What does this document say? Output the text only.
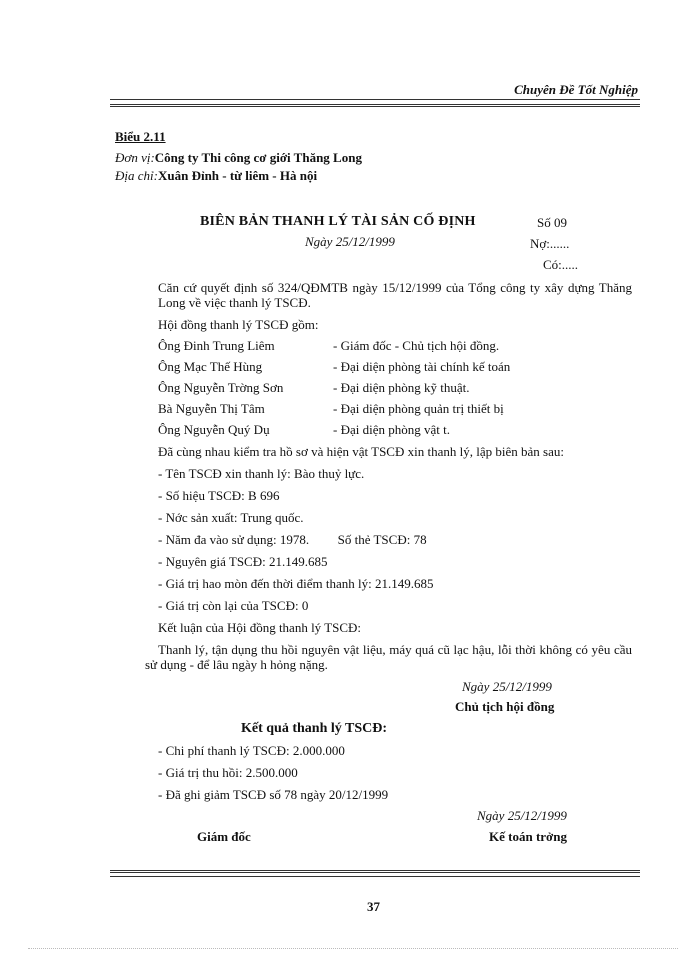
Chuyên Đề Tốt Nghiệp
Biểu 2.11
Đơn vị:Công ty Thi công cơ giới Thăng Long
Địa chỉ:Xuân Đỉnh - từ liêm - Hà nội
BIÊN BẢN THANH LÝ TÀI SẢN CỐ ĐỊNH	Số 09
Ngày 25/12/1999	Nợ:......
Có:.....
Căn cứ quyết định số 324/QĐMTB ngày 15/12/1999 của Tổng công ty xây dựng Thăng Long về việc thanh lý TSCĐ.
Hội đồng thanh lý TSCĐ gồm:
Ông Đinh Trung Liêm	- Giám đốc - Chủ tịch hội đồng.
Ông Mạc Thế Hùng	- Đại diện phòng tài chính kế toán
Ông Nguyễn Trờng Sơn	- Đại diện phòng kỹ thuật.
Bà Nguyễn Thị Tâm	- Đại diện phòng quản trị thiết bị
Ông Nguyễn Quý Dụ	- Đại diện phòng vật t.
Đã cùng nhau kiểm tra hồ sơ và hiện vật TSCĐ xin thanh lý, lập biên bản sau:
- Tên TSCĐ xin thanh lý: Bào thuỷ lực.
- Số hiệu TSCĐ: B 696
- Nớc sản xuất: Trung quốc.
- Năm đa vào sử dụng: 1978. Số thẻ TSCĐ: 78
- Nguyên giá TSCĐ: 21.149.685
- Giá trị hao mòn đến thời điểm thanh lý: 21.149.685
- Giá trị còn lại của TSCĐ: 0
Kết luận của Hội đồng thanh lý TSCĐ:
Thanh lý, tận dụng thu hồi nguyên vật liệu, máy quá cũ lạc hậu, lỗi thời không có yêu cầu sử dụng - để lâu ngày h hỏng nặng.
Ngày 25/12/1999
Chủ tịch hội đồng
Kết quả thanh lý TSCĐ:
- Chi phí thanh lý TSCĐ: 2.000.000
- Giá trị thu hồi: 2.500.000
- Đã ghi giảm TSCĐ số 78 ngày 20/12/1999
Ngày 25/12/1999
Giám đốc	Kế toán trởng
37
